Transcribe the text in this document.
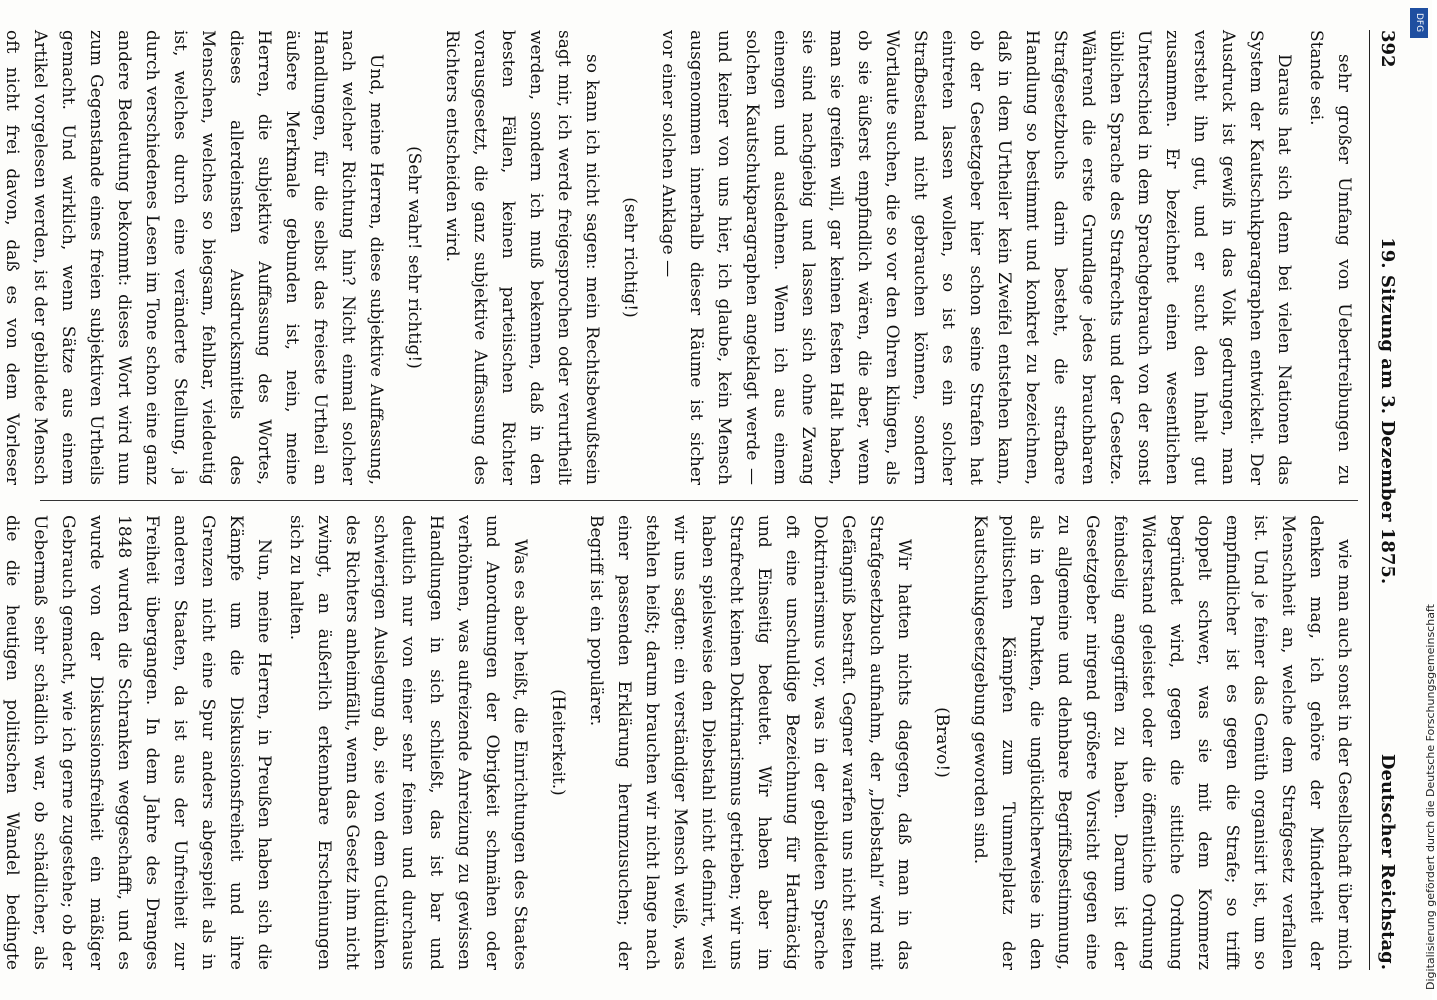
392
19. Sitzung am 3. Dezember 1875.
Deutscher Reichstag.

sehr großer Umfang von Uebertreibungen zu Stande sei.

Daraus hat sich denn bei vielen Nationen das System der Kautschukparagraphen entwickelt. Der Ausdruck ist gewiß in das Volk gedrungen, man versteht ihn gut, und er sucht den Inhalt gut zusammen. Er bezeichnet einen wesentlichen Unterschied in dem Sprachgebrauch von der sonst üblichen Sprache des Strafrechts und der Gesetze. Während die erste Grundlage jedes brauchbaren Strafgesetzbuchs darin besteht, die strafbare Handlung so bestimmt und konkret zu bezeichnen, daß in dem Urtheiler kein Zweifel entstehen kann, ob der Gesetzgeber hier schon seine Strafen hat eintreten lassen wollen, so ist es ein solcher Strafbestand nicht gebrauchen können, sondern Wortlaute suchen, die so vor den Ohren klingen, als ob sie äußerst empfindlich wären, die aber, wenn man sie greifen will, gar keinen festen Halt haben, sie sind nachgiebig und lassen sich ohne Zwang einengen und ausdehnen. Wenn ich aus einem solchen Kautschukparagraphen angeklagt werde — und keiner von uns hier, ich glaube, kein Mensch ausgenommen innerhalb dieser Räume ist sicher vor einer solchen Anklage —

(sehr richtig!)

so kann ich nicht sagen: mein Rechtsbewußtsein sagt mir, ich werde freigesprochen oder verurtheilt werden, sondern ich muß bekennen, daß in den besten Fällen, keinen parteiischen Richter vorausgesetzt, die ganz subjektive Auffassung des Richters entscheiden wird.

(Sehr wahr! sehr richtig!)

Und, meine Herren, diese subjektive Auffassung, nach welcher Richtung hin? Nicht einmal solcher Handlungen, für die selbst das freieste Urtheil an äußere Merkmale gebunden ist, nein, meine Herren, die subjektive Auffassung des Wortes, dieses allerdeinsten Ausdrucksmittels des Menschen, welches so biegsam, fehlbar, vieldeutig ist, welches durch eine veränderte Stellung, ja durch verschiedenes Lesen im Tone schon eine ganz andere Bedeutung bekommt: dieses Wort wird nun zum Gegenstande eines freien subjektiven Urtheils gemacht. Und wirklich, wenn Sätze aus einem Artikel vorgelesen werden, ist der gebildete Mensch oft nicht frei davon, daß es von dem Vorleser

wie man auch sonst in der Gesellschaft über mich denken mag, ich gehöre der Minderheit der Menschheit an, welche dem Strafgesetz verfallen ist. Und je feiner das Gemüth organisirt ist, um so empfindlicher ist es gegen die Strafe; so trifft doppelt schwer, was sie mit dem Kommerz begründet wird, gegen die sittliche Ordnung Widerstand geleistet oder die öffentliche Ordnung feindselig angegriffen zu haben. Darum ist der Gesetzgeber nirgend größere Vorsicht gegen eine zu allgemeine und dehnbare Begriffsbestimmung, als in den Punkten, die unglücklicherweise in den politischen Kämpfen zum Tummelplatz der Kautschukgesetzgebung geworden sind.

(Bravo!)

Wir hatten nichts dagegen, daß man in das Strafgesetzbuch aufnahm, der „Diebstahl“ wird mit Gefängniß bestraft. Gegner warfen uns nicht selten Doktrinarismus vor, was in der gebildeten Sprache oft eine unschuldige Bezeichnung für Hartnäckig und Einseitig bedeutet. Wir haben aber im Strafrecht keinen Doktrinarismus getrieben; wir uns haben spielsweise den Diebstahl nicht definirt, weil wir uns sagten: ein verständiger Mensch weiß, was stehlen heißt; darum brauchen wir nicht lange nach einer passenden Erklärung herumzusuchen; der Begriff ist ein populärer.

(Heiterkeit.)

Was es aber heißt, die Einrichtungen des Staates und Anordnungen der Obrigkeit schmähen oder verhöhnen, was aufreizende Anreizung zu gewissen Handlungen in sich schließt, das ist bar und deutlich nur von einer sehr feinen und durchaus schwierigen Auslegung ab, sie von dem Gutdünken des Richters anheimfällt, wenn das Gesetz ihm nicht zwingt, an äußerlich erkennbare Erscheinungen sich zu halten.

Nun, meine Herren, in Preußen haben sich die Kämpfe um die Diskussionsfreiheit und ihre Grenzen nicht eine Spur anders abgespielt als in anderen Staaten, da ist aus der Unfreiheit zur Freiheit übergangen. In dem Jahre des Dranges 1848 wurden die Schranken weggeschafft, und es wurde von der Diskussionsfreiheit ein mäßiger Gebrauch gemacht, wie ich gerne zugestehe; ob der Uebermaß sehr schädlich war, ob schädlicher, als die die heutigen politischen Wandel bedingte

DFG
Digitalisierung gefördert durch die Deutsche Forschungsgemeinschaft
